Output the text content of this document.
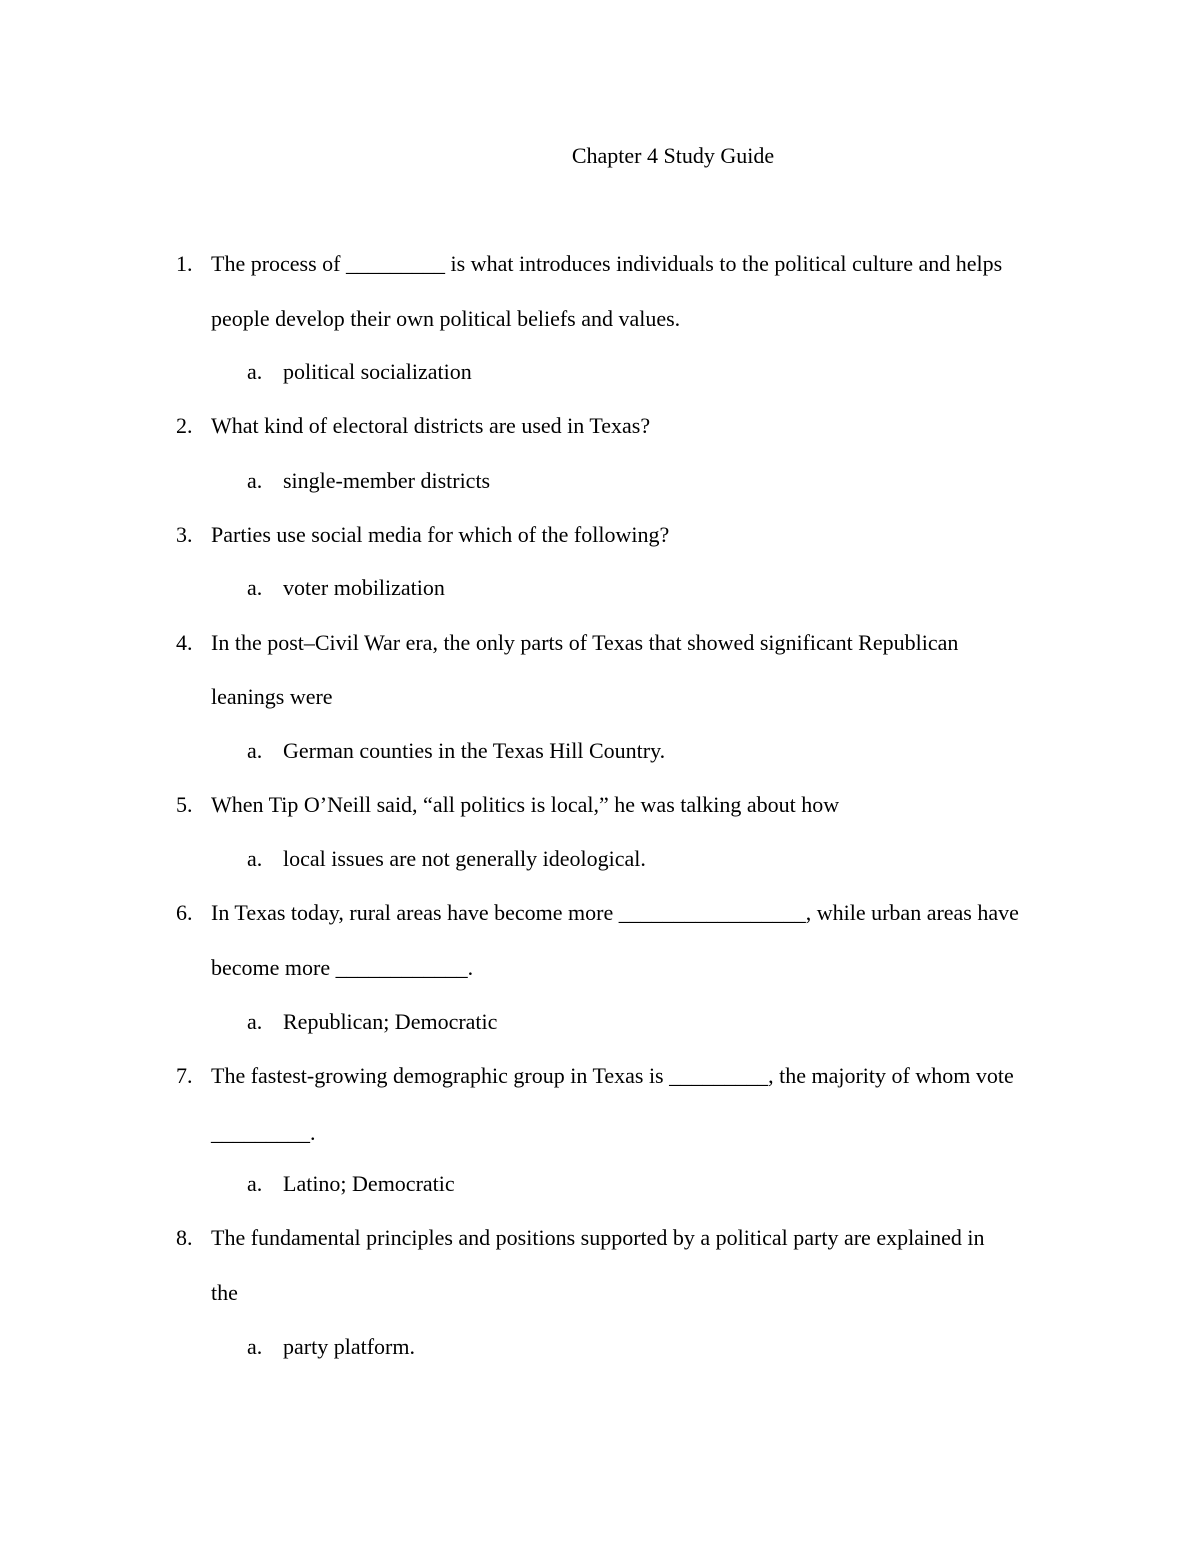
Chapter 4 Study Guide
1. The process of _________ is what introduces individuals to the political culture and helps
people develop their own political beliefs and values.
a. political socialization
2. What kind of electoral districts are used in Texas?
a. single-member districts
3. Parties use social media for which of the following?
a. voter mobilization
4. In the post–Civil War era, the only parts of Texas that showed significant Republican
leanings were
a. German counties in the Texas Hill Country.
5. When Tip O’Neill said, “all politics is local,” he was talking about how
a. local issues are not generally ideological.
6. In Texas today, rural areas have become more _________________, while urban areas have
become more ____________.
a. Republican; Democratic
7. The fastest-growing demographic group in Texas is _________, the majority of whom vote
_________.
a. Latino; Democratic
8. The fundamental principles and positions supported by a political party are explained in
the
a. party platform.
